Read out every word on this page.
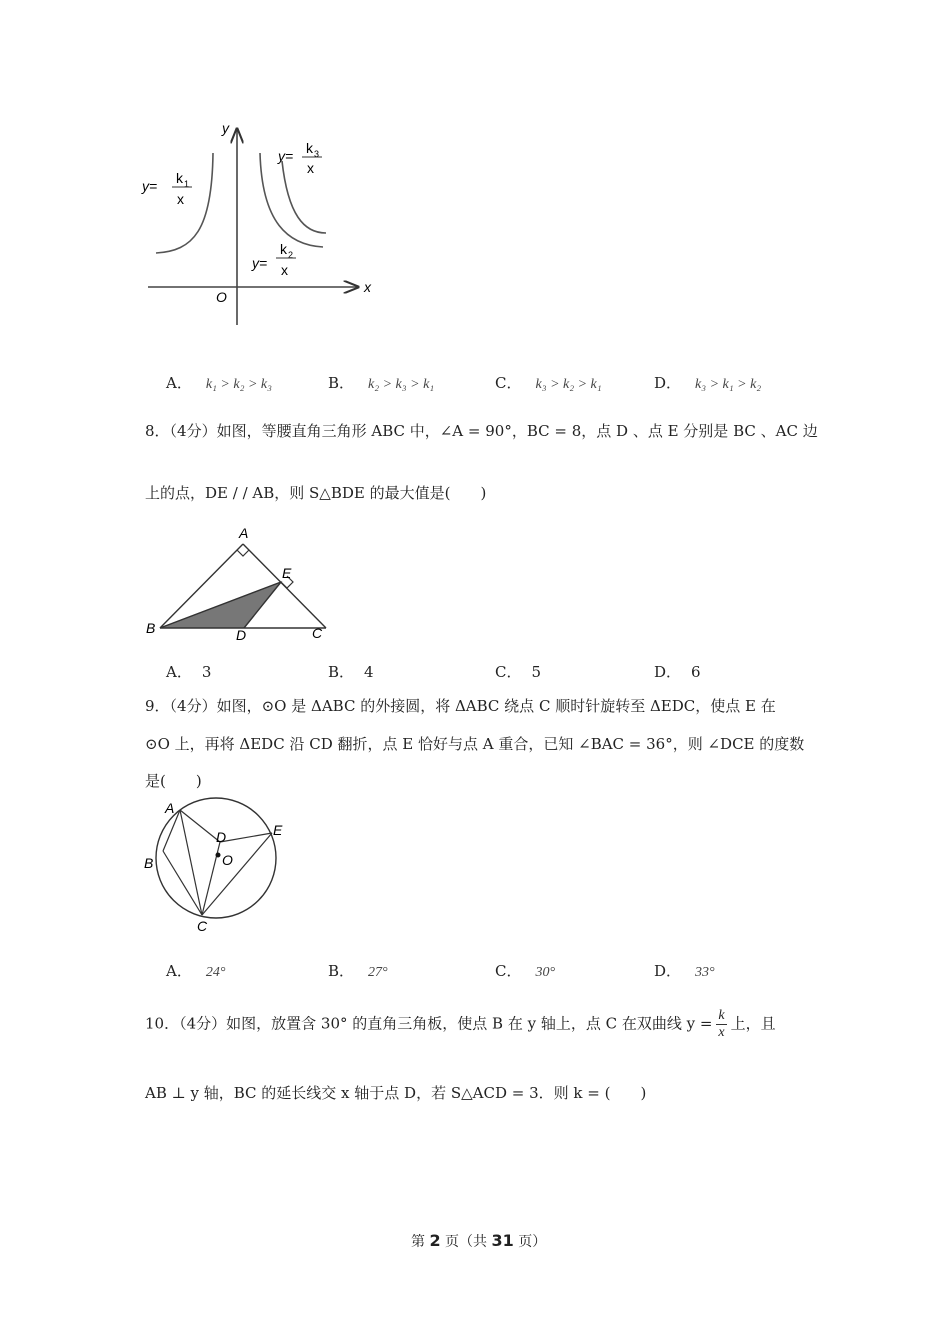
y
x
O
y= k 1
x
y= k 3
x
y=
k 2
x
A． k₁ > k₂ > k₃	B． k₂ > k₃ > k₁	C． k₃ > k₂ > k₁	D． k₃ > k₁ > k₂
8．（4分）如图，等腰直角三角形 ABC 中，∠A = 90°，BC = 8，点 D 、点 E 分别是 BC 、AC 边
上的点，DE / / AB，则 S△BDE 的最大值是(　　)
A
B	C
D
E
A． 3	B． 4	C． 5	D． 6
9．（4分）如图，⊙O 是 ΔABC 的外接圆，将 ΔABC 绕点 C 顺时针旋转至 ΔEDC，使点 E 在
⊙O 上，再将 ΔEDC 沿 CD 翻折，点 E 恰好与点 A 重合，已知 ∠BAC = 36°，则 ∠DCE 的度数
是(　　)
A
B
C
D	E
O
A． 24°	B． 27°	C． 30°	D． 33°
10．（4分）如图，放置含 30° 的直角三角板，使点 B 在 y 轴上，点 C 在双曲线 $y = \frac{k}{x}$ 上，且
AB ⊥ y 轴，BC 的延长线交 x 轴于点 D，若 S△ACD = 3．则 k = (　　)
第 2 页（共 31 页）
